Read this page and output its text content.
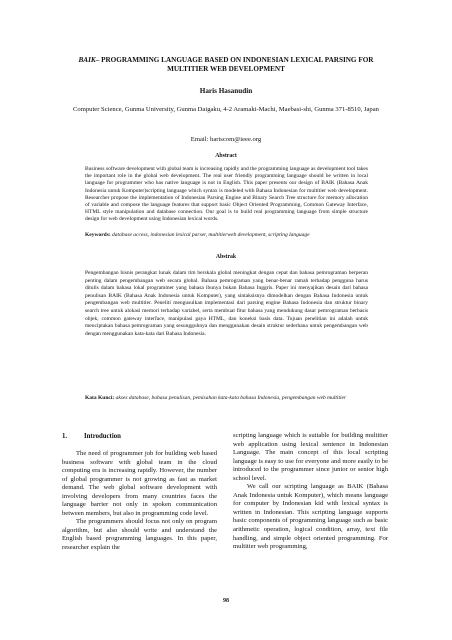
BAIK– PROGRAMMING LANGUAGE BASED ON INDONESIAN LEXICAL PARSING FOR MULTITIER WEB DEVELOPMENT
Haris Hasanudin
Computer Science, Gunma University, Gunma Daigaku, 4-2 Aramaki-Machi, Maebasi-shi, Gunma 371-8510, Japan
Email: hariscom@ieee.org
Abstract
Business software development with global team is increasing rapidly and the programming language as development tool takes the important role in the global web development. The real user friendly programming language should be written in local language for programmer who has native language is not in English. This paper presents our design of BAIK (Bahasa Anak Indonesia untuk Komputer)scripting language which syntax is modeled with Bahasa Indonesian for multitier web development. Researcher propose the implementation of Indonesian Parsing Engine and Binary Search Tree structure for memory allocation of variable and compose the language features that support basic Object Oriented Programming, Common Gateway Interface, HTML style manipulation and database connection. Our goal is to build real programming language from simple structure design for web development using Indonesian lexical words.
Keywords: database access, indonesian lexical parser, multitierweb development, scripting language
Abstrak
Pengembangan bisnis perangkat lunak dalam tim berskala global meningkat dengan cepat dan bahasa pemrograman berperan penting dalam pengembangan web secara global. Bahasa pemrograman yang benar-benar ramah terhadap pengguna harus ditulis dalam bahasa lokal programmer yang bahasa ibunya bukan Bahasa Inggris. Paper ini menyajikan desain dari bahasa penulisan BAIK (Bahasa Anak Indonesia untuk Komputer), yang sintaksisnya dimodelkan dengan Bahasa Indonesia untuk pengembangan web multitier. Peneliti mengusulkan implementasi dari parsing engine Bahasa Indonesia dan struktur binary search tree untuk alokasi memori terhadap variabel, serta membuat fitur bahasa yang mendukung dasar pemrograman berbasis objek, common gateway interface, manipulasi gaya HTML, dan koneksi basis data. Tujuan penelitian ini adalah untuk menciptakan bahasa pemrograman yang sesungguhnya dan menggunakan desain struktur sederhana untuk pengembangan web dengan menggunakan kata-kata dari Bahasa Indonesia.
Kata Kunci: akses database, bahasa penulisan, pemisahan kata-kata bahasa Indonesia, pengembangan web multitier
1. Introduction

The need of programmer job for building web based business software with global team in the cloud computing era is increasing rapidly. However, the number of global programmer is not growing as fast as market demand. The web global software development with involving developers from many countries faces the language barrier not only in spoken communication between members, but also in programming code level.

The programmers should focus not only on program algorithm, but also should write and understand the English based programming languages. In this paper, researcher explain the

scripting language which is suitable for building multitier web application using lexical sentence in Indonesian Language. The main concept of this local scripting language is easy to use for everyone and more easily to be introduced to the programmer since junior or senior high school level.

We call our scripting language as BAIK (Bahasa Anak Indonesia untuk Komputer), which means language for computer by Indonesian kid with lexical syntax is written in Indonesian. This scripting language supports basic components of programming language such as basic arithmetic operation, logical condition, array, text file handling, and simple object oriented programming. For multitier web programming,

98
